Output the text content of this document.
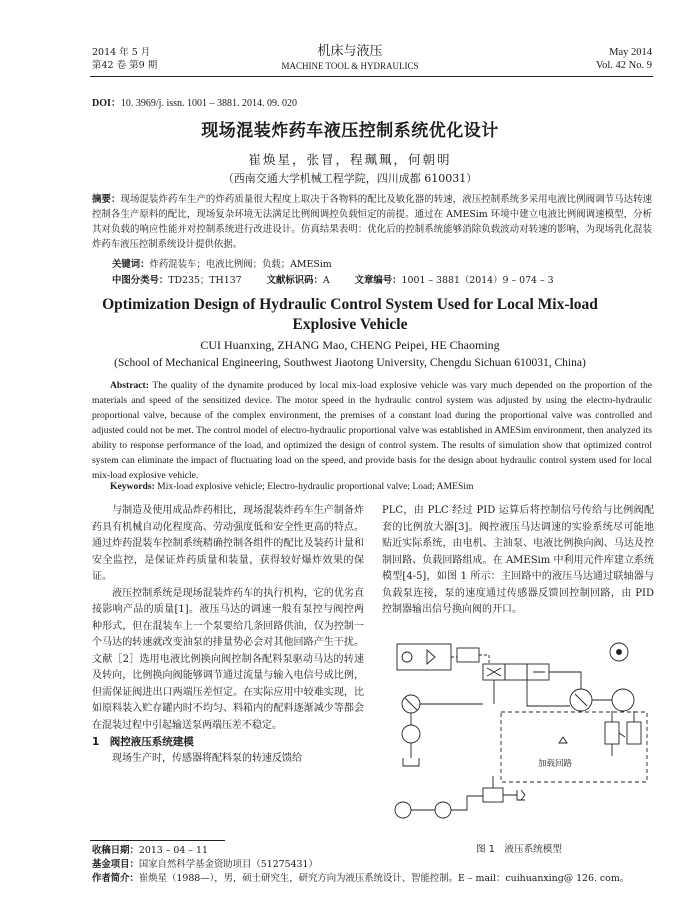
2014 年 5 月
第42 卷 第9 期
机床与液压
MACHINE TOOL & HYDRAULICS
May 2014
Vol. 42 No. 9
DOI：10. 3969/j. issn. 1001 – 3881. 2014. 09. 020
现场混装炸药车液压控制系统优化设计
崔焕星，张冒，程珮珮，何朝明
（西南交通大学机械工程学院，四川成都 610031）
摘要：现场混装炸药车生产的炸药质量很大程度上取决于各物料的配比及敏化器的转速，液压控制系统多采用电液比例阀调节马达转速控制各生产原料的配比，现场复杂环境无法满足比例阀调控负载恒定的前提。通过在 AMESim 环境中建立电液比例阀调速模型，分析其对负载的响应性能并对控制系统进行改进设计。仿真结果表明：优化后的控制系统能够消除负载波动对转速的影响，为现场乳化混装炸药车液压控制系统设计提供依据。
关键词：炸药混装车；电液比例阀；负载；AMESim
中图分类号：TD235；TH137	文献标识码：A	文章编号：1001 – 3881（2014）9 – 074 – 3
Optimization Design of Hydraulic Control System Used for Local Mix-load
Explosive Vehicle
CUI Huanxing, ZHANG Mao, CHENG Peipei, HE Chaoming
(School of Mechanical Engineering, Southwest Jiaotong University, Chengdu Sichuan 610031, China)
Abstract: The quality of the dynamite produced by local mix-load explosive vehicle was vary much depended on the proportion of the materials and speed of the sensitized device. The motor speed in the hydraulic control system was adjusted by using the electro-hydraulic proportional valve, because of the complex environment, the premises of a constant load during the proportional valve was controlled and adjusted could not be met. The control model of electro-hydraulic proportional valve was established in AMESim environment, then analyzed its ability to response performance of the load, and optimized the design of control system. The results of simulation show that optimized control system can eliminate the impact of fluctuating load on the speed, and provide basis for the design about hydraulic control system used for local mix-load explosive vehicle.
Keywords: Mix-load explosive vehicle; Electro-hydraulic proportional valve; Load; AMESim
与制造及使用成品炸药相比，现场混装炸药车生产制备炸药具有机械自动化程度高、劳动强度低和安全性更高的特点。通过炸药混装车控制系统精确控制各组件的配比及装药计量和安全监控，是保证炸药质量和装量，获得较好爆炸效果的保证。
液压控制系统是现场混装炸药车的执行机构，它的优劣直接影响产品的质量[1]。液压马达的调速一般有泵控与阀控两种形式，但在混装车上一个泵要给几条回路供油，仅为控制一个马达的转速就改变油泵的排量势必会对其他回路产生干扰。文献［2］选用电液比例换向阀控制各配料泵驱动马达的转速及转向，比例换向阀能够调节通过流量与输入电信号成比例，但需保证阀进出口两端压差恒定。在实际应用中较难实现，比如原料装入贮存罐内时不均匀、料箱内的配料逐渐减少等都会在混装过程中引起输送泵两端压差不稳定。
1　阀控液压系统建模
现场生产时，传感器将配料泵的转速反馈给
PLC，由 PLC 经过 PID 运算后将控制信号传给与比例阀配套的比例放大器[3]。阀控液压马达调速的实验系统尽可能地贴近实际系统，由电机、主油泵、电液比例换向阀、马达及控制回路、负载回路组成。在 AMESim 中利用元件库建立系统模型[4-5]，如图 1 所示：主回路中的液压马达通过联轴器与负载泵连接，泵的速度通过传感器反馈回控制回路，由 PID 控制器输出信号换向阀的开口。
加载回路
图 1　液压系统模型
收稿日期：2013 – 04 – 11
基金项目：国家自然科学基金资助项目（51275431）
作者简介：崔焕星（1988—），男，硕士研究生，研究方向为液压系统设计、智能控制。E – mail：cuihuanxing@ 126. com。
